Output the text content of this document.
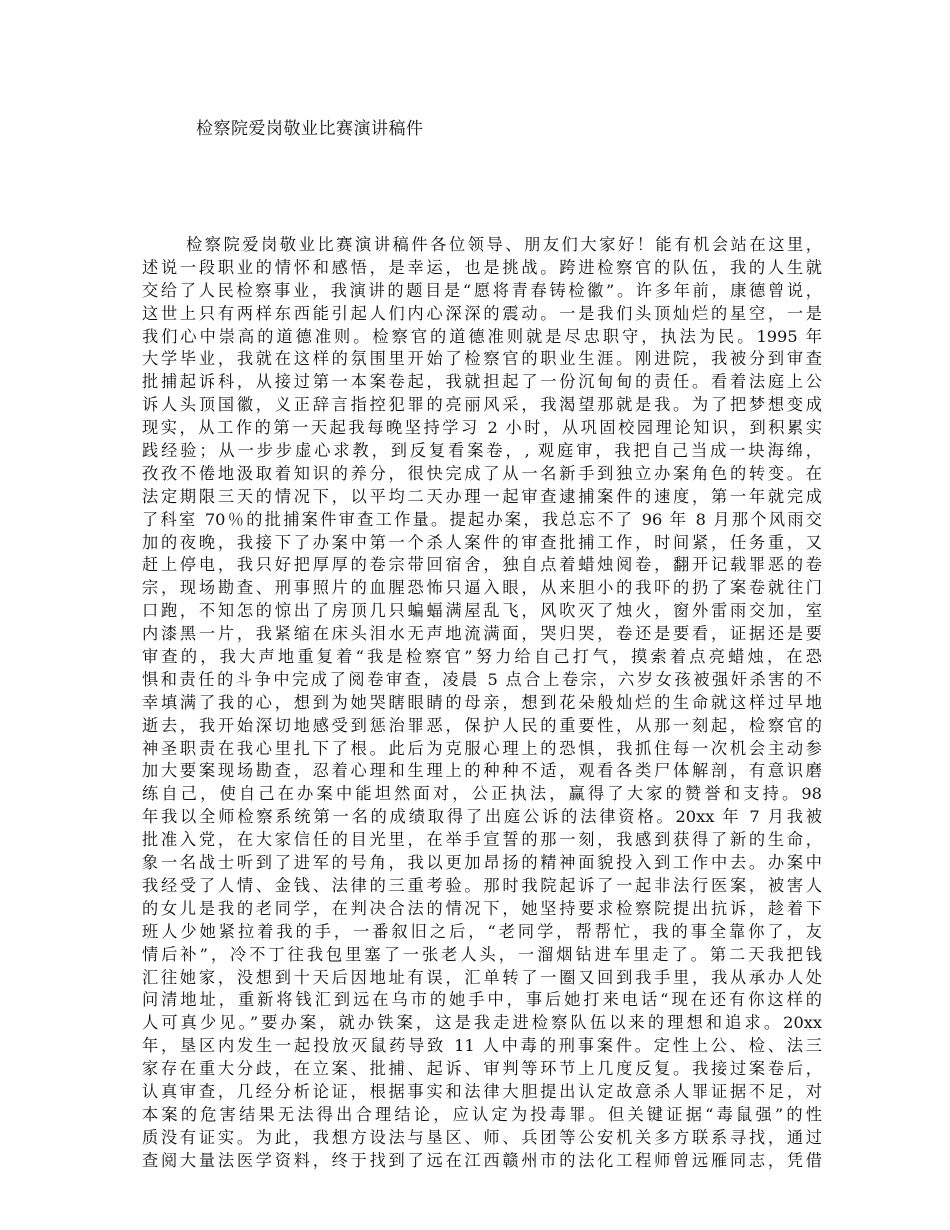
检察院爱岗敬业比赛演讲稿件
检察院爱岗敬业比赛演讲稿件各位领导、朋友们大家好！能有机会站在这里，
述说一段职业的情怀和感悟，是幸运，也是挑战。跨进检察官的队伍，我的人生就
交给了人民检察事业，我演讲的题目是“愿将青春铸检徽”。许多年前，康德曾说，
这世上只有两样东西能引起人们内心深深的震动。一是我们头顶灿烂的星空，一是
我们心中崇高的道德准则。检察官的道德准则就是尽忠职守，执法为民。1995 年
大学毕业，我就在这样的氛围里开始了检察官的职业生涯。刚进院，我被分到审查
批捕起诉科，从接过第一本案卷起，我就担起了一份沉甸甸的责任。看着法庭上公
诉人头顶国徽，义正辞言指控犯罪的亮丽风采，我渴望那就是我。为了把梦想变成
现实，从工作的第一天起我每晚坚持学习 2 小时，从巩固校园理论知识，到积累实
践经验；从一步步虚心求教，到反复看案卷，, 观庭审，我把自己当成一块海绵，
孜孜不倦地汲取着知识的养分，很快完成了从一名新手到独立办案角色的转变。在
法定期限三天的情况下，以平均二天办理一起审查逮捕案件的速度，第一年就完成
了科室 70％的批捕案件审查工作量。提起办案，我总忘不了 96 年 8 月那个风雨交
加的夜晚，我接下了办案中第一个杀人案件的审查批捕工作，时间紧，任务重，又
赶上停电，我只好把厚厚的卷宗带回宿舍，独自点着蜡烛阅卷，翻开记载罪恶的卷
宗，现场勘查、刑事照片的血腥恐怖只逼入眼，从来胆小的我吓的扔了案卷就往门
口跑，不知怎的惊出了房顶几只蝙蝠满屋乱飞，风吹灭了烛火，窗外雷雨交加，室
内漆黑一片，我紧缩在床头泪水无声地流满面，哭归哭，卷还是要看，证据还是要
审查的，我大声地重复着“我是检察官”努力给自己打气，摸索着点亮蜡烛，在恐
惧和责任的斗争中完成了阅卷审查，凌晨 5 点合上卷宗，六岁女孩被强奸杀害的不
幸填满了我的心，想到为她哭瞎眼睛的母亲，想到花朵般灿烂的生命就这样过早地
逝去，我开始深切地感受到惩治罪恶，保护人民的重要性，从那一刻起，检察官的
神圣职责在我心里扎下了根。此后为克服心理上的恐惧，我抓住每一次机会主动参
加大要案现场勘查，忍着心理和生理上的种种不适，观看各类尸体解剖，有意识磨
练自己，使自己在办案中能坦然面对，公正执法，赢得了大家的赞誉和支持。98
年我以全师检察系统第一名的成绩取得了出庭公诉的法律资格。20xx 年 7 月我被
批准入党，在大家信任的目光里，在举手宣誓的那一刻，我感到获得了新的生命，
象一名战士听到了进军的号角，我以更加昂扬的精神面貌投入到工作中去。办案中
我经受了人情、金钱、法律的三重考验。那时我院起诉了一起非法行医案，被害人
的女儿是我的老同学，在判决合法的情况下，她坚持要求检察院提出抗诉，趁着下
班人少她紧拉着我的手，一番叙旧之后，“老同学，帮帮忙，我的事全靠你了，友
情后补”，冷不丁往我包里塞了一张老人头，一溜烟钻进车里走了。第二天我把钱
汇往她家，没想到十天后因地址有误，汇单转了一圈又回到我手里，我从承办人处
问清地址，重新将钱汇到远在乌市的她手中，事后她打来电话“现在还有你这样的
人可真少见。”要办案，就办铁案，这是我走进检察队伍以来的理想和追求。20xx
年，垦区内发生一起投放灭鼠药导致 11 人中毒的刑事案件。定性上公、检、法三
家存在重大分歧，在立案、批捕、起诉、审判等环节上几度反复。我接过案卷后，
认真审查，几经分析论证，根据事实和法律大胆提出认定故意杀人罪证据不足，对
本案的危害结果无法得出合理结论，应认定为投毒罪。但关键证据“毒鼠强”的性
质没有证实。为此，我想方设法与垦区、师、兵团等公安机关多方联系寻找，通过
查阅大量法医学资料，终于找到了远在江西赣州市的法化工程师曾远雁同志，凭借
